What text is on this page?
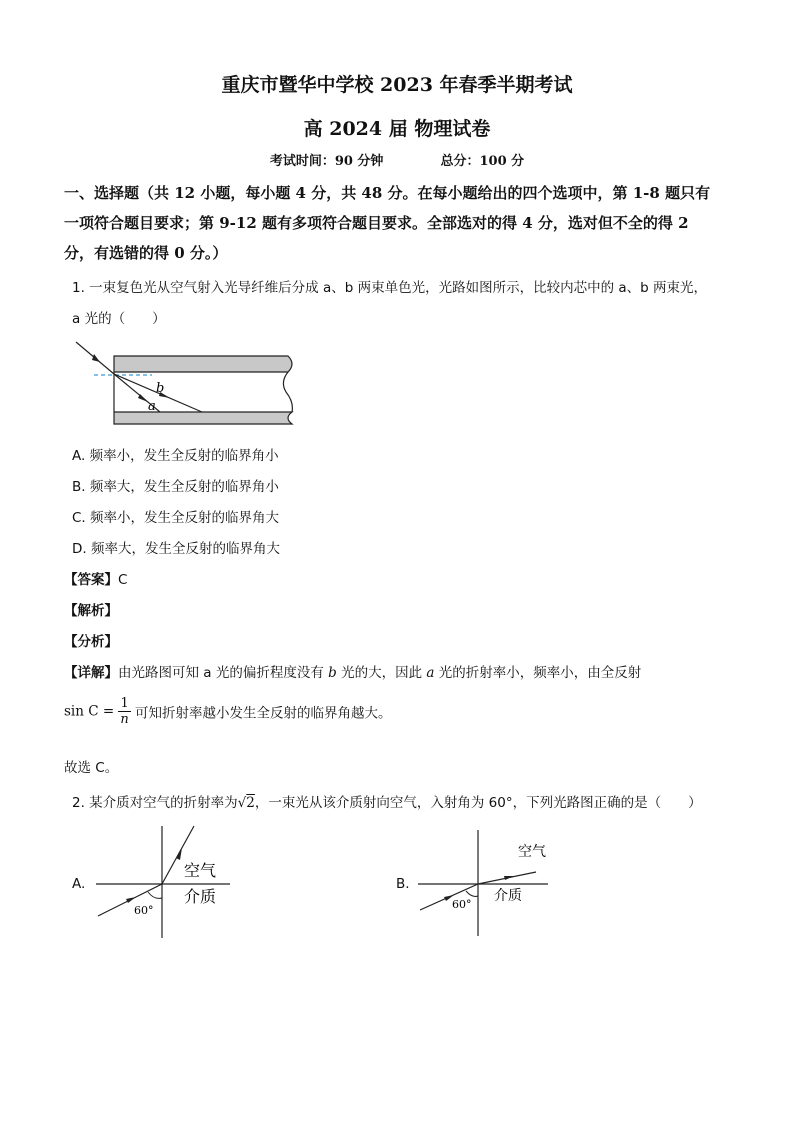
重庆市暨华中学校 2023 年春季半期考试
高 2024 届 物理试卷
考试时间：90 分钟	总分：100 分
一、选择题（共 12 小题，每小题 4 分，共 48 分。在每小题给出的四个选项中，第 1-8 题只有
一项符合题目要求；第 9-12 题有多项符合题目要求。全部选对的得 4 分，选对但不全的得 2
分，有选错的得 0 分。）
1. 一束复色光从空气射入光导纤维后分成 a、b 两束单色光，光路如图所示，比较内芯中的 a、b 两束光，
a 光的（　　）
b
a
A. 频率小，发生全反射的临界角小
B. 频率大，发生全反射的临界角小
C. 频率小，发生全反射的临界角大
D. 频率大，发生全反射的临界角大
【答案】C
【解析】
【分析】
【详解】由光路图可知 a 光的偏折程度没有 b 光的大，因此 a 光的折射率小，频率小，由全反射
$\sin C = \frac{1}{n}$ 可知折射率越小发生全反射的临界角越大。
故选 C。
2. 某介质对空气的折射率为√2，一束光从该介质射向空气，入射角为 60°，下列光路图正确的是（　　）
A.
空气
介质
60°
B.
空气
介质
60°
